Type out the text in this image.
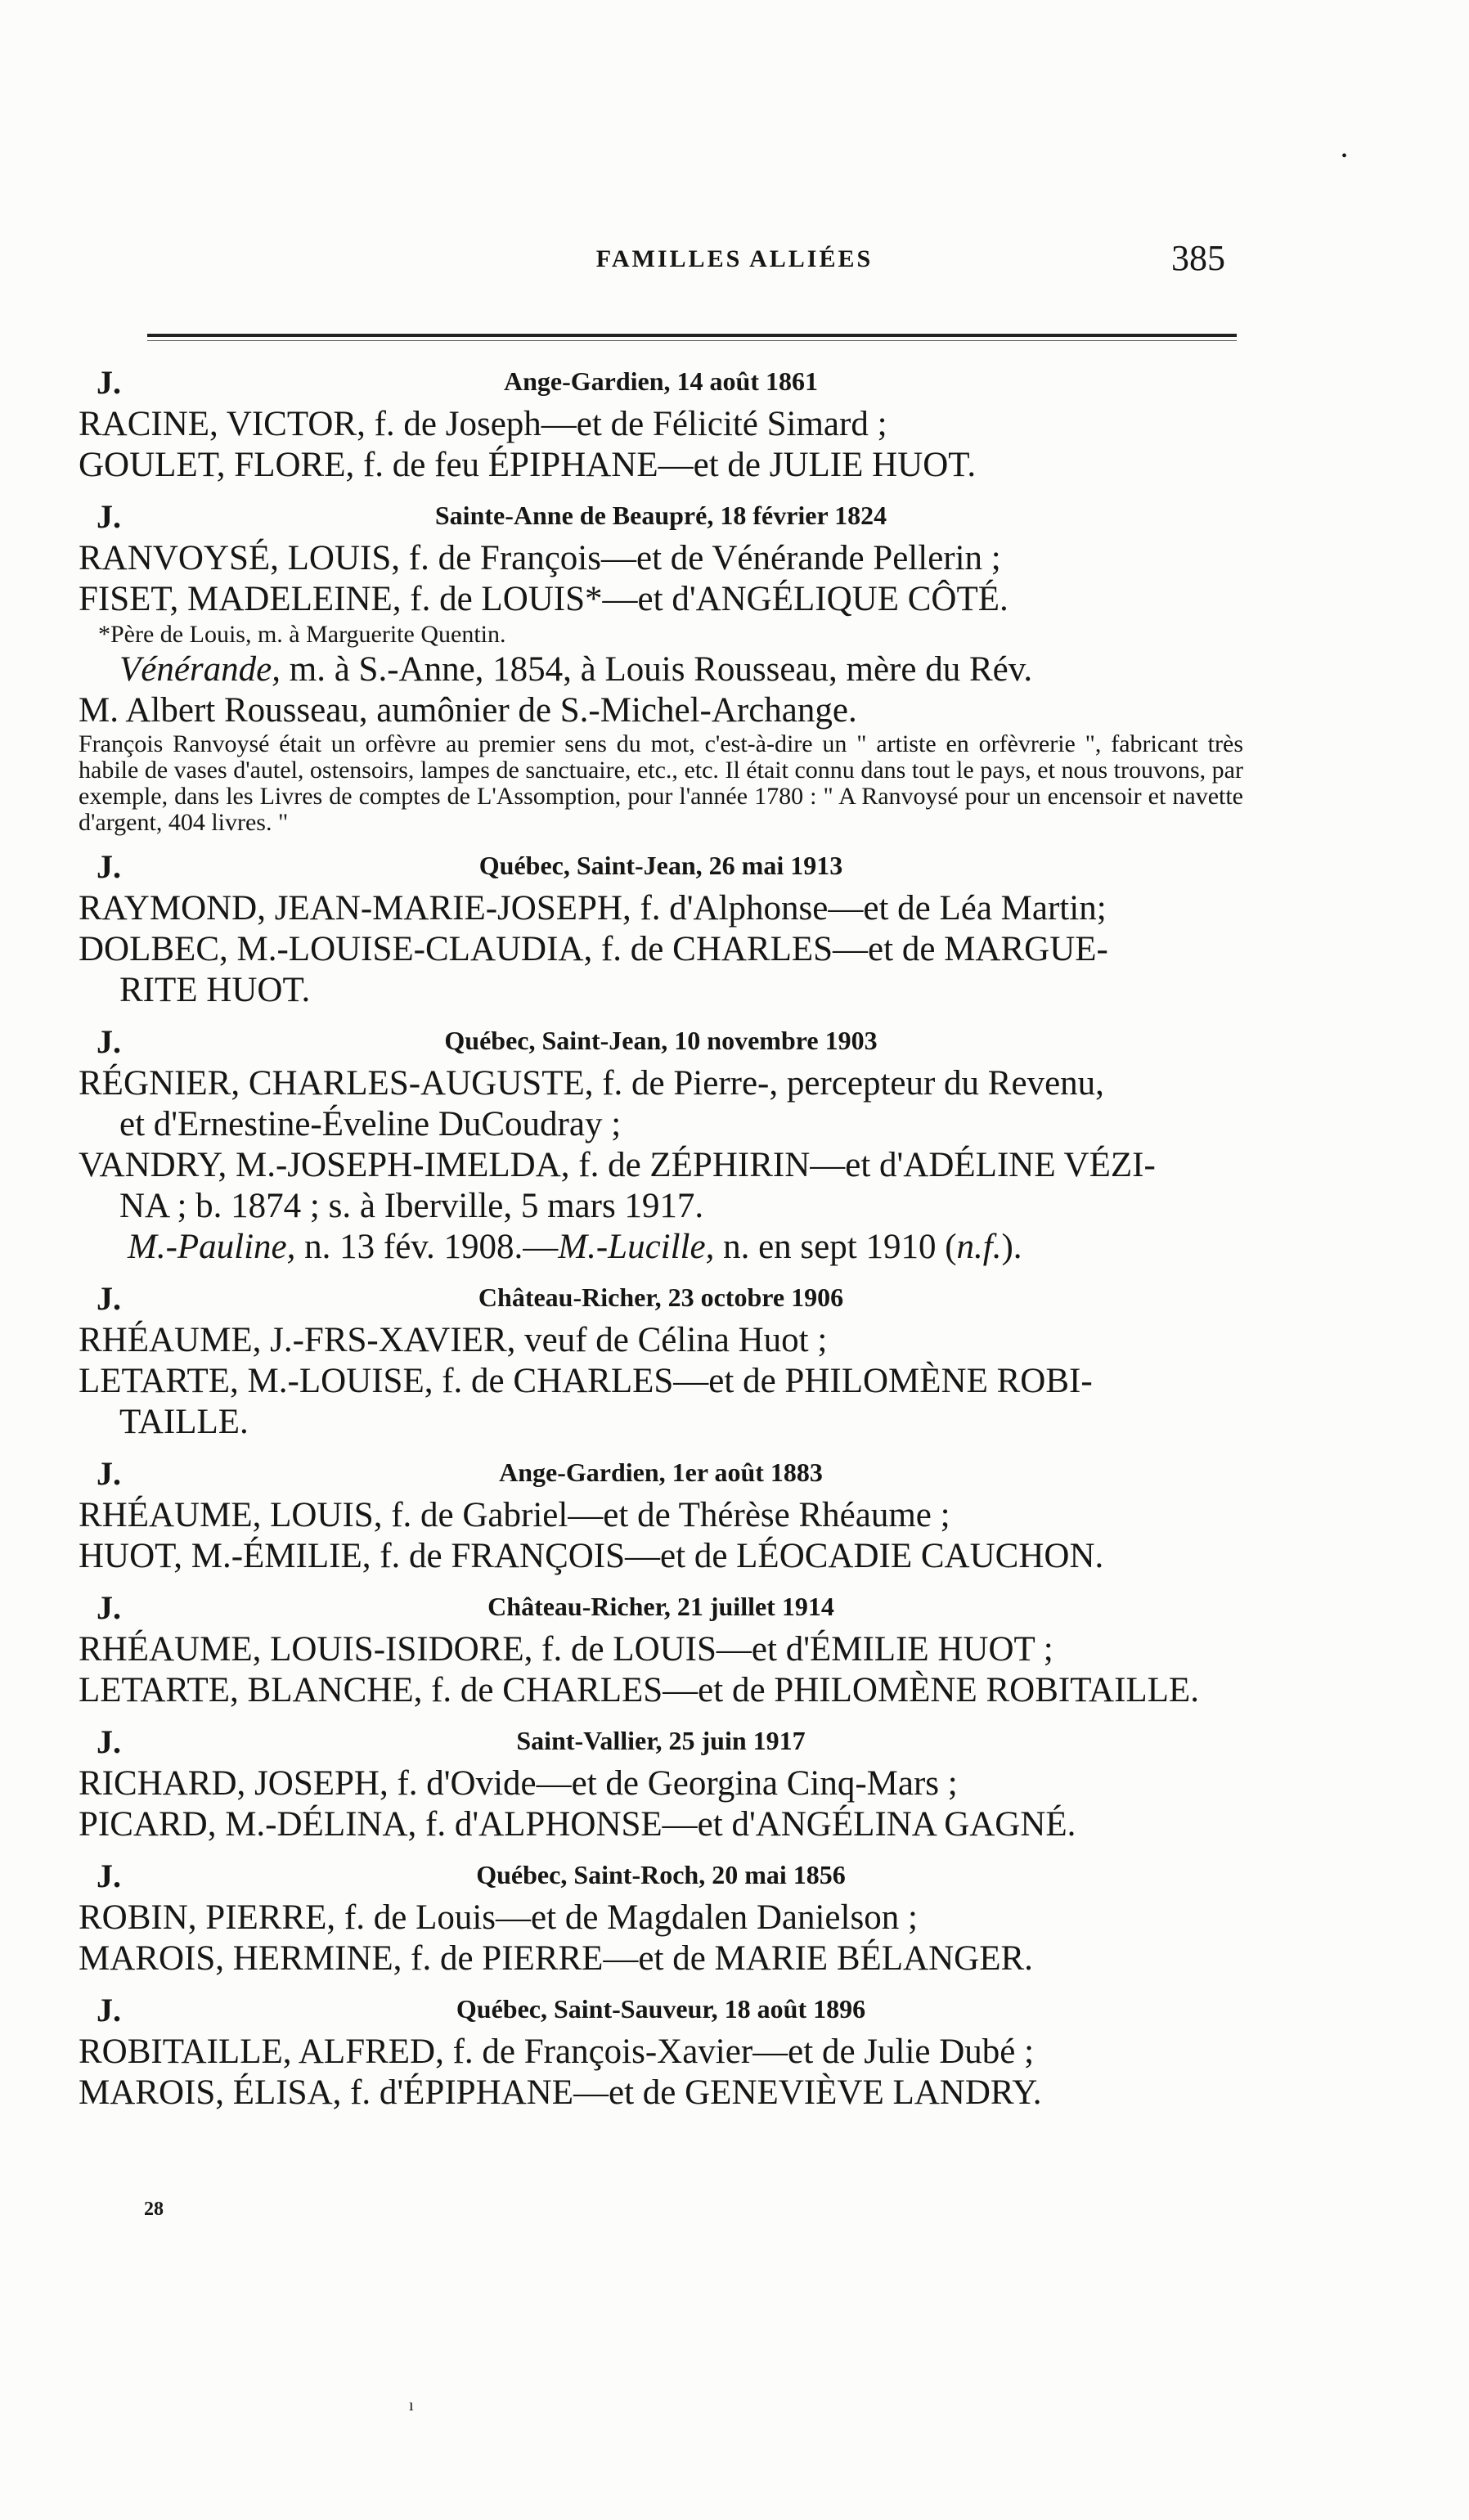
FAMILLES ALLIÉES	385
J.	Ange-Gardien, 14 août 1861
RACINE, VICTOR, f. de Joseph—et de Félicité Simard ;
GOULET, FLORE, f. de feu ÉPIPHANE—et de JULIE HUOT.
J.	Sainte-Anne de Beaupré, 18 février 1824
RANVOYSÉ, LOUIS, f. de François—et de Vénérande Pellerin ;
FISET, MADELEINE, f. de LOUIS*—et d'ANGÉLIQUE CÔTÉ.
*Père de Louis, m. à Marguerite Quentin.
Vénérande, m. à S.-Anne, 1854, à Louis Rousseau, mère du Rév.
M. Albert Rousseau, aumônier de S.-Michel-Archange.
François Ranvoysé était un orfèvre au premier sens du mot, c'est-à-dire un " artiste en orfèvrerie ", fabricant très habile de vases d'autel, ostensoirs, lampes de sanctuaire, etc., etc. Il était connu dans tout le pays, et nous trouvons, par exemple, dans les Livres de comptes de L'Assomption, pour l'année 1780 : " A Ranvoysé pour un encensoir et navette d'argent, 404 livres. "
J.	Québec, Saint-Jean, 26 mai 1913
RAYMOND, JEAN-MARIE-JOSEPH, f. d'Alphonse—et de Léa Martin;
DOLBEC, M.-LOUISE-CLAUDIA, f. de CHARLES—et de MARGUE-
RITE HUOT.
J.	Québec, Saint-Jean, 10 novembre 1903
RÉGNIER, CHARLES-AUGUSTE, f. de Pierre-, percepteur du Revenu,
et d'Ernestine-Éveline DuCoudray ;
VANDRY, M.-JOSEPH-IMELDA, f. de ZÉPHIRIN—et d'ADÉLINE VÉZI-
NA ; b. 1874 ; s. à Iberville, 5 mars 1917.
M.-Pauline, n. 13 fév. 1908.—M.-Lucille, n. en sept 1910 (n.f.).
J.	Château-Richer, 23 octobre 1906
RHÉAUME, J.-FRS-XAVIER, veuf de Célina Huot ;
LETARTE, M.-LOUISE, f. de CHARLES—et de PHILOMÈNE ROBI-
TAILLE.
J.	Ange-Gardien, 1er août 1883
RHÉAUME, LOUIS, f. de Gabriel—et de Thérèse Rhéaume ;
HUOT, M.-ÉMILIE, f. de FRANÇOIS—et de LÉOCADIE CAUCHON.
J.	Château-Richer, 21 juillet 1914
RHÉAUME, LOUIS-ISIDORE, f. de LOUIS—et d'ÉMILIE HUOT ;
LETARTE, BLANCHE, f. de CHARLES—et de PHILOMÈNE ROBITAILLE.
J.	Saint-Vallier, 25 juin 1917
RICHARD, JOSEPH, f. d'Ovide—et de Georgina Cinq-Mars ;
PICARD, M.-DÉLINA, f. d'ALPHONSE—et d'ANGÉLINA GAGNÉ.
J.	Québec, Saint-Roch, 20 mai 1856
ROBIN, PIERRE, f. de Louis—et de Magdalen Danielson ;
MAROIS, HERMINE, f. de PIERRE—et de MARIE BÉLANGER.
J.	Québec, Saint-Sauveur, 18 août 1896
ROBITAILLE, ALFRED, f. de François-Xavier—et de Julie Dubé ;
MAROIS, ÉLISA, f. d'ÉPIPHANE—et de GENEVIÈVE LANDRY.
28
•
ı
